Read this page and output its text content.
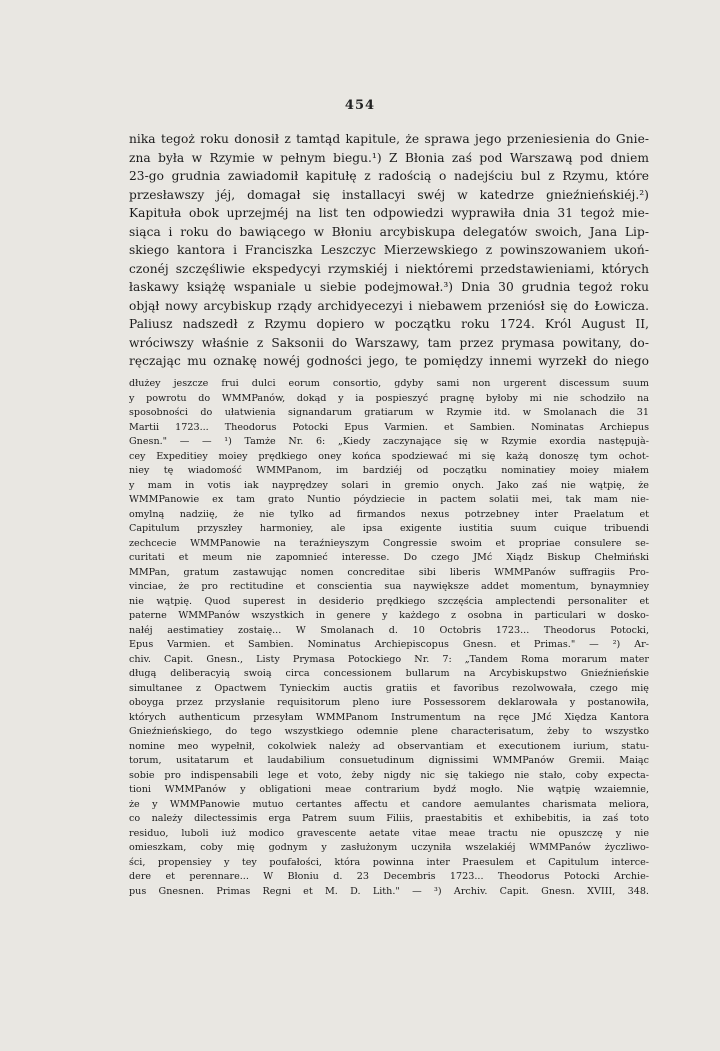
454
nika tegoż roku donosił z tamtąd kapitule, że sprawa jego przeniesienia do Gnie-
zna była w Rzymie w pełnym biegu.¹) Z Błonia zaś pod Warszawą pod dniem
23-go grudnia zawiadomił kapitułę z radością o nadejściu bul z Rzymu, które
przesławszy jéj, domagał się installacyi swéj w katedrze gnieźnieńskiéj.²)
Kapituła obok uprzejméj na list ten odpowiedzi wyprawiła dnia 31 tegoż mie-
siąca i roku do bawiącego w Błoniu arcybiskupa delegatów swoich, Jana Lip-
skiego kantora i Franciszka Leszczyc Mierzewskiego z powinszowaniem ukoń-
czonéj szczęśliwie ekspedycyi rzymskiéj i niektóremi przedstawieniami, których
łaskawy książę wspaniale u siebie podejmował.³) Dnia 30 grudnia tegoż roku
objął nowy arcybiskup rządy archidyecezyi i niebawem przeniósł się do Łowicza.
Paliusz nadszedł z Rzymu dopiero w początku roku 1724. Król August II,
wróciwszy właśnie z Saksonii do Warszawy, tam przez prymasa powitany, do-
ręczając mu oznakę nowéj godności jego, te pomiędzy innemi wyrzekł do niego
dłużey jeszcze frui dulci eorum consortio, gdyby sami non urgerent discessum suum
y powrotu do WMMPanów, dokąd y ia pospieszyć pragnę byłoby mi nie schodziło na
sposobności do ułatwienia signandarum gratiarum w Rzymie itd. w Smolanach die 31
Martii 1723... Theodorus Potocki Epus Varmien. et Sambien. Nominatas Archiepus
Gnesn." — — ¹) Tamże Nr. 6: „Kiedy zaczynające się w Rzymie exordia następujà-
cey Expeditiey moiey prędkiego oney końca spodziewać mi się każą donoszę tym ochot-
niey tę wiadomość WMMPanom, im bardziéj od początku nominatiey moiey miałem
y mam in votis iak nayprędzey solari in gremio onych. Jako zaś nie wątpię, że
WMMPanowie ex tam grato Nuntio póydziecie in pactem solatii mei, tak mam nie-
omylną nadziię, że nie tylko ad firmandos nexus potrzebney inter Praelatum et
Capitulum przyszłey harmoniey, ale ipsa exigente iustitia suum cuique tribuendi
zechcecie WMMPanowie na teraźnieyszym Congressie swoim et propriae consulere se-
curitati et meum nie zapomnieć interesse. Do czego JMć Xiądz Biskup Chełmiński
MMPan, gratum zastawując nomen concreditae sibi liberis WMMPanów suffragiis Pro-
vinciae, że pro rectitudine et conscientia sua naywiększe addet momentum, bynaymniey
nie wątpię. Quod superest in desiderio prędkiego szczęścia amplectendi personaliter et
paterne WMMPanów wszystkich in genere y każdego z osobna in particulari w dosko-
nałéj aestimatiey zostaię... W Smolanach d. 10 Octobris 1723... Theodorus Potocki,
Epus Varmien. et Sambien. Nominatus Archiepiscopus Gnesn. et Primas." — ²) Ar-
chiv. Capit. Gnesn., Listy Prymasa Potockiego Nr. 7: „Tandem Roma morarum mater
długą deliberacyią swoią circa concessionem bullarum na Arcybiskupstwo Gnieźnieńskie
simultanee z Opactwem Tynieckim auctis gratiis et favoribus rezolwowała, czego mię
oboyga przez przysłanie requisitorum pleno iure Possessorem deklarowała y postanowiła,
których authenticum przesyłam WMMPanom Instrumentum na ręce JMć Xiędza Kantora
Gnieźnieńskiego, do tego wszystkiego odemnie plene characterisatum, żeby to wszystko
nomine meo wypełnił, cokolwiek należy ad observantiam et executionem iurium, statu-
torum, usitatarum et laudabilium consuetudinum dignissimi WMMPanów Gremii. Maiąc
sobie pro indispensabili lege et voto, żeby nigdy nic się takiego nie stało, coby expecta-
tioni WMMPanów y obligationi meae contrarium bydź mogło. Nie wątpię wzaiemnie,
że y WMMPanowie mutuo certantes affectu et candore aemulantes charismata meliora,
co należy dilectessimis erga Patrem suum Filiis, praestabitis et exhibebitis, ia zaś toto
residuo, luboli iuż modico gravescente aetate vitae meae tractu nie opuszczę y nie
omieszkam, coby mię godnym y zasłużonym uczyniła wszelakiéj WMMPanów życzliwo-
ści, propensiey y tey poufałości, która powinna inter Praesulem et Capitulum interce-
dere et perennare... W Błoniu d. 23 Decembris 1723... Theodorus Potocki Archie-
pus Gnesnen. Primas Regni et M. D. Lith." — ³) Archiv. Capit. Gnesn. XVIII, 348.
